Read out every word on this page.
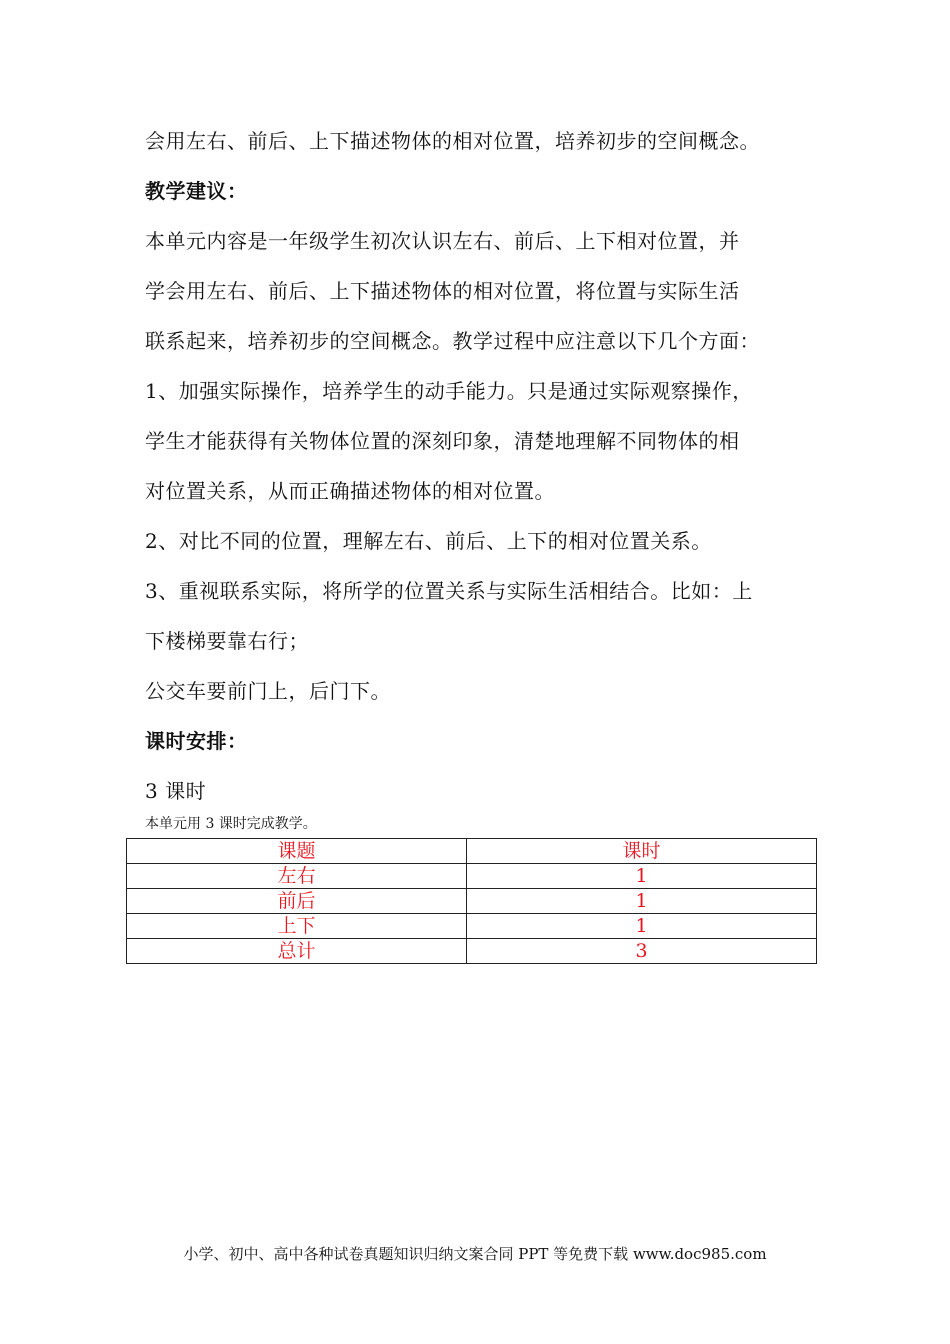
会用左右、前后、上下描述物体的相对位置，培养初步的空间概念。
教学建议：
本单元内容是一年级学生初次认识左右、前后、上下相对位置，并
学会用左右、前后、上下描述物体的相对位置，将位置与实际生活
联系起来，培养初步的空间概念。教学过程中应注意以下几个方面：
1、加强实际操作，培养学生的动手能力。只是通过实际观察操作，
学生才能获得有关物体位置的深刻印象，清楚地理解不同物体的相
对位置关系，从而正确描述物体的相对位置。
2、对比不同的位置，理解左右、前后、上下的相对位置关系。
3、重视联系实际，将所学的位置关系与实际生活相结合。比如：上
下楼梯要靠右行；
公交车要前门上，后门下。
课时安排：
3 课时
本单元用 3 课时完成教学。
课题	课时
左右	1
前后	1
上下	1
总计	3
小学、初中、高中各种试卷真题知识归纳文案合同 PPT 等免费下载 www.doc985.com
